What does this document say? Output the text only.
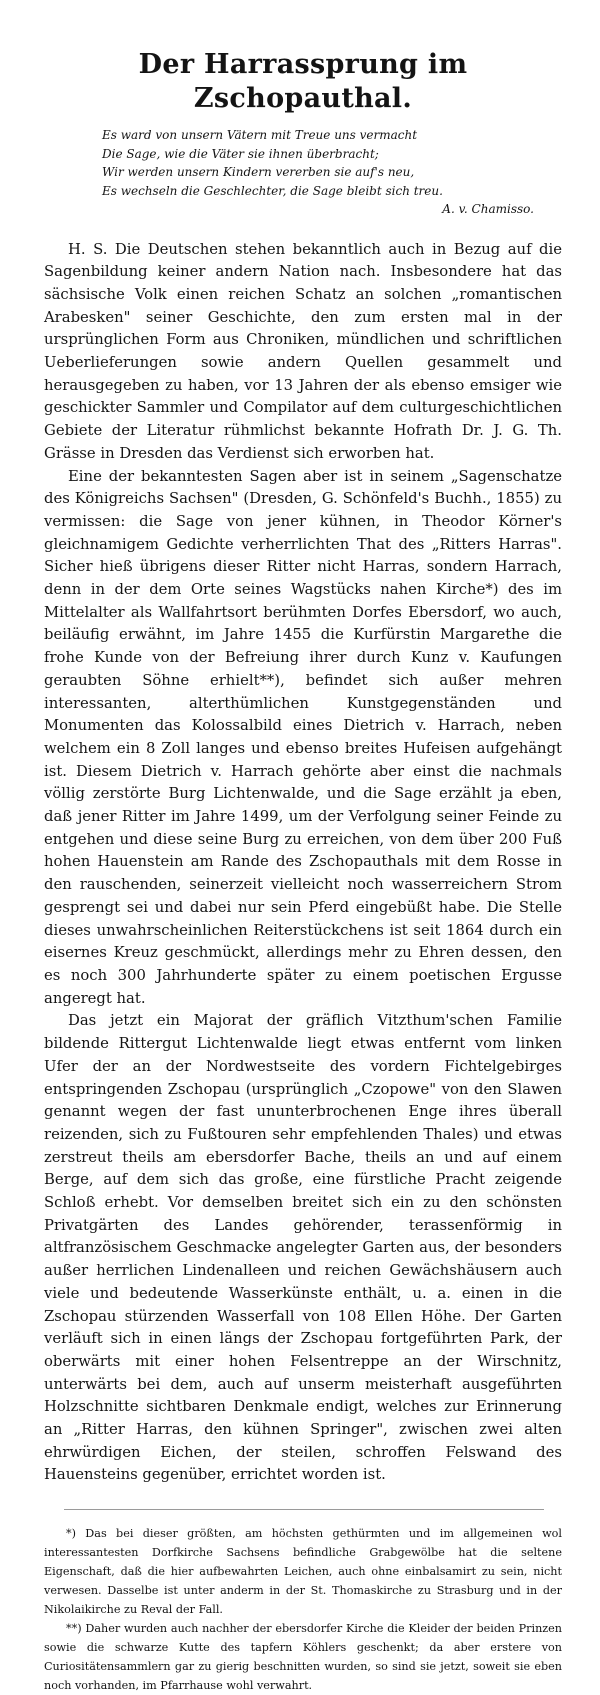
Der Harrassprung im Zschopauthal.
Es ward von unsern Vätern mit Treue uns vermacht
Die Sage, wie die Väter sie ihnen überbracht;
Wir werden unsern Kindern vererben sie auf's neu,
Es wechseln die Geschlechter, die Sage bleibt sich treu.
A. v. Chamisso.

H. S. Die Deutschen stehen bekanntlich auch in Bezug auf die Sagenbildung keiner andern Nation nach. Insbesondere hat das sächsische Volk einen reichen Schatz an solchen „romantischen Arabesken" seiner Geschichte, den zum ersten mal in der ursprünglichen Form aus Chroniken, mündlichen und schriftlichen Ueberlieferungen sowie andern Quellen gesammelt und herausgegeben zu haben, vor 13 Jahren der als ebenso emsiger wie geschickter Sammler und Compilator auf dem culturgeschichtlichen Gebiete der Literatur rühmlichst bekannte Hofrath Dr. J. G. Th. Grässe in Dresden das Verdienst sich erworben hat.

Eine der bekanntesten Sagen aber ist in seinem „Sagenschatze des Königreichs Sachsen" (Dresden, G. Schönfeld's Buchh., 1855) zu vermissen: die Sage von jener kühnen, in Theodor Körner's gleichnamigem Gedichte verherrlichten That des „Ritters Harras". Sicher hieß übrigens dieser Ritter nicht Harras, sondern Harrach, denn in der dem Orte seines Wagstücks nahen Kirche*) des im Mittelalter als Wallfahrtsort berühmten Dorfes Ebersdorf, wo auch, beiläufig erwähnt, im Jahre 1455 die Kurfürstin Margarethe die frohe Kunde von der Befreiung ihrer durch Kunz v. Kaufungen geraubten Söhne erhielt**), befindet sich außer mehren interessanten, alterthümlichen Kunstgegenständen und Monumenten das Kolossalbild eines Dietrich v. Harrach, neben welchem ein 8 Zoll langes und ebenso breites Hufeisen aufgehängt ist. Diesem Dietrich v. Harrach gehörte aber einst die nachmals völlig zerstörte Burg Lichtenwalde, und die Sage erzählt ja eben, daß jener Ritter im Jahre 1499, um der Verfolgung seiner Feinde zu entgehen und diese seine Burg zu erreichen, von dem über 200 Fuß hohen Hauenstein am Rande des Zschopauthals mit dem Rosse in den rauschenden, seinerzeit vielleicht noch wasserreichern Strom gesprengt sei und dabei nur sein Pferd eingebüßt habe. Die Stelle dieses unwahrscheinlichen Reiterstückchens ist seit 1864 durch ein eisernes Kreuz geschmückt, allerdings mehr zu Ehren dessen, den es noch 300 Jahrhunderte später zu einem poetischen Ergusse angeregt hat.

Das jetzt ein Majorat der gräflich Vitzthum'schen Familie bildende Rittergut Lichtenwalde liegt etwas entfernt vom linken Ufer der an der Nordwestseite des vordern Fichtelgebirges entspringenden Zschopau (ursprünglich „Czopowe" von den Slawen genannt wegen der fast ununterbrochenen Enge ihres überall reizenden, sich zu Fußtouren sehr empfehlenden Thales) und etwas zerstreut theils am ebersdorfer Bache, theils an und auf einem Berge, auf dem sich das große, eine fürstliche Pracht zeigende Schloß erhebt. Vor demselben breitet sich ein zu den schönsten Privatgärten des Landes gehörender, terassenförmig in altfranzösischem Geschmacke angelegter Garten aus, der besonders außer herrlichen Lindenalleen und reichen Gewächshäusern auch viele und bedeutende Wasserkünste enthält, u. a. einen in die Zschopau stürzenden Wasserfall von 108 Ellen Höhe. Der Garten verläuft sich in einen längs der Zschopau fortgeführten Park, der oberwärts mit einer hohen Felsentreppe an der Wirschnitz, unterwärts bei dem, auch auf unserm meisterhaft ausgeführten Holzschnitte sichtbaren Denkmale endigt, welches zur Erinnerung an „Ritter Harras, den kühnen Springer", zwischen zwei alten ehrwürdigen Eichen, der steilen, schroffen Felswand des Hauensteins gegenüber, errichtet worden ist.

*) Das bei dieser größten, am höchsten gethürmten und im allgemeinen wol interessantesten Dorfkirche Sachsens befindliche Grabgewölbe hat die seltene Eigenschaft, daß die hier aufbewahrten Leichen, auch ohne einbalsamirt zu sein, nicht verwesen. Dasselbe ist unter anderm in der St. Thomaskirche zu Strasburg und in der Nikolaikirche zu Reval der Fall.

**) Daher wurden auch nachher der ebersdorfer Kirche die Kleider der beiden Prinzen sowie die schwarze Kutte des tapfern Köhlers geschenkt; da aber erstere von Curiositätensammlern gar zu gierig beschnitten wurden, so sind sie jetzt, soweit sie eben noch vorhanden, im Pfarrhause wohl verwahrt.
